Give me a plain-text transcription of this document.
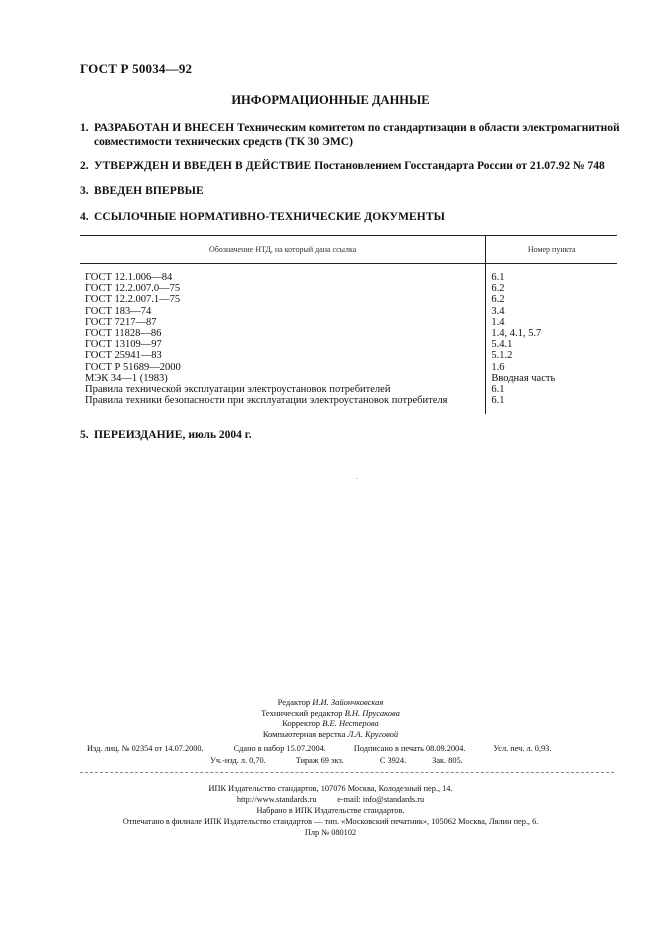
ГОСТ Р 50034—92
ИНФОРМАЦИОННЫЕ ДАННЫЕ
1. РАЗРАБОТАН И ВНЕСЕН Техническим комитетом по стандартизации в области электромагнитной совместимости технических средств (ТК 30 ЭМС)
2. УТВЕРЖДЕН И ВВЕДЕН В ДЕЙСТВИЕ Постановлением Госстандарта России от 21.07.92 № 748
3. ВВЕДЕН ВПЕРВЫЕ
4. ССЫЛОЧНЫЕ НОРМАТИВНО-ТЕХНИЧЕСКИЕ ДОКУМЕНТЫ
Обозначение НТД, на который дана ссылка	Номер пункта

ГОСТ 12.1.006—84	6.1
ГОСТ 12.2.007.0—75	6.2
ГОСТ 12.2.007.1—75	6.2
ГОСТ 183—74	3.4
ГОСТ 7217—87	1.4
ГОСТ 11828—86	1.4, 4.1, 5.7
ГОСТ 13109—97	5.4.1
ГОСТ 25941—83	5.1.2
ГОСТ Р 51689—2000	1.6
МЭК 34—1 (1983)	Вводная часть
Правила технической эксплуатации электроустановок потребителей	6.1
Правила техники безопасности при эксплуатации электроустановок потребителя	6.1

5. ПЕРЕИЗДАНИЕ, июль 2004 г.
Редактор И.И. Зайончковская
Технический редактор В.Н. Прусакова
Корректор В.Е. Нестерова
Компьютерная верстка Л.А. Круговой
Изд. лиц. № 02354 от 14.07.2000.	Сдано в набор 15.07.2004.	Подписано в печать 08.09.2004.	Усл. печ. л. 0,93.
Уч.-изд. л. 0,70.	Тираж 69 экз.	С 3924.	Зак. 805.
ИПК Издательство стандартов, 107076 Москва, Колодезный пер., 14.
http://www.standards.ru          e-mail: info@standards.ru
Набрано в ИПК Издательстве стандартов.
Отпечатано в филиале ИПК Издательство стандартов — тип. «Московский печатник», 105062 Москва, Лялин пер., 6.
Плр № 080102
